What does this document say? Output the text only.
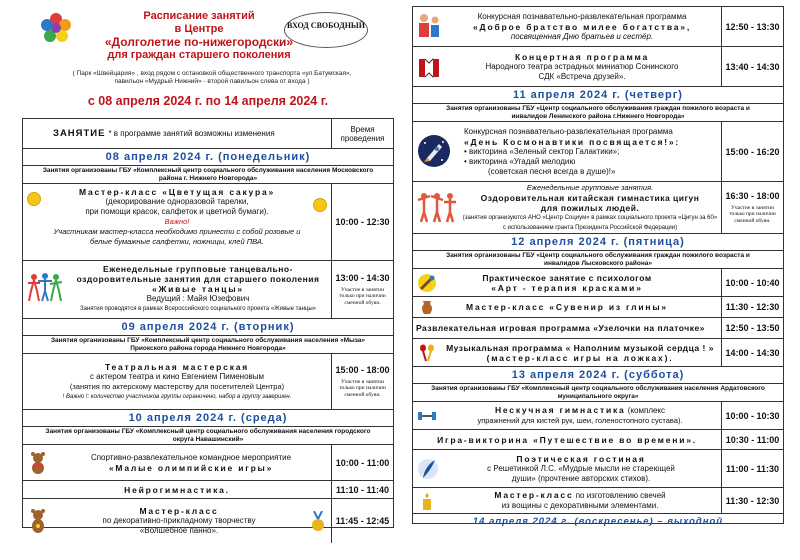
Расписание занятий
в Центре
«Долголетие по-нижегородски»
для граждан старшего поколения
ВХОД СВОБОДНЫЙ
( Парк «Швейцария» , вход рядом с остановкой общественного транспорта «ул.Батумская»,
павильон «Мудрый Нижний» - второй павильон слева от входа )
с 08 апреля 2024 г. по 14 апреля 2024 г.
ЗАНЯТИЕ * в программе занятий возможны изменения	Время проведения
08 апреля 2024 г. (понедельник)
Занятия организованы ГБУ «Комплексный центр социального обслуживания населения Московского района г. Нижнего Новгорода»
Мастер-класс «Цветущая сакура»
(декорирование одноразовой тарелки,
при помощи красок, салфеток и цветной бумаги).
Важно!
Участникам мастер-класса необходимо принести с собой розовые и белые бумажные салфетки, ножницы, клей ПВА.
10:00 - 12:30
Еженедельные групповые танцевально-
оздоровительные занятия для старшего поколения
«Живые танцы»
Ведущий : Майя Юзефович
Занятия проводятся в рамках Всероссийского социального проекта «Живые танцы»
13:00 - 14:30
Участие в занятии только при наличии сменной обуви.
09 апреля 2024 г. (вторник)
Занятия организованы ГБУ «Комплексный центр социального обслуживания населения «Мыза» Приокского района города Нижнего Новгорода»
Театральная мастерская
с актером театра и кино Евгением Пименовым
(занятия по актерскому мастерству для посетителей Центра)
! Важно !: количество участников группы ограничено, набор в группу завершен.
15:00 - 18:00
Участие в занятии только при наличии сменной обуви.
10 апреля 2024 г. (среда)
Занятия организованы ГБУ «Комплексный центр социального обслуживания населения городского округа Навашинский»
Спортивно-развлекательное командное мероприятие
«Малые олимпийские игры»	10:00 - 11:00
Нейрогимнастика.	11:10 - 11:40
Мастер-класс
по декоративно-прикладному творчеству
«Волшебное панно».
11:45 - 12:45
Конкурсная познавательно-развлекательная программа
«Доброе братство милее богатства»,
посвященная Дню братьев и сестёр.
12:50 - 13:30
Концертная программа
Народного театра эстрадных миниатюр Сонинского
СДК «Встреча друзей».
13:40 - 14:30
11 апреля 2024 г. (четверг)
Занятия организованы ГБУ «Центр социального обслуживания граждан пожилого возраста и инвалидов Ленинского района г.Нижнего Новгорода»
Конкурсная познавательно-развлекательная программа
«День Космонавтики посвящается!»:
• викторина «Зеленый сектор Галактики»;
• викторина «Угадай мелодию
(советская песня всегда в душе)!»
15:00 - 16:20
Еженедельные групповые занятия.
Оздоровительная китайская гимнастика цигун
для пожилых людей.
(занятия организуются АНО «Центр Социум» в рамках социального проекта «Цигун за 60» с использованием гранта Президента Российской Федерации)
16:30 - 18:00
Участие в занятии только при наличии сменной обуви.
12 апреля 2024 г. (пятница)
Занятия организованы ГБУ «Центр социального обслуживания граждан пожилого возраста и инвалидов Лысковского района»
Практическое занятие с психологом
«Арт - терапия красками»	10:00 - 10:40
Мастер-класс «Сувенир из глины»	11:30 - 12:30
Развлекательная игровая программа «Узелочки на платочке»	12:50 - 13:50
Музыкальная программа « Наполним музыкой сердца ! »
(мастер-класс игры на ложках).	14:00 - 14:30
13 апреля 2024 г. (суббота)
Занятия организованы ГБУ «Комплексный центр социального обслуживания населения Ардатовского муниципального округа»
Нескучная гимнастика (комплекс
упражнений для кистей рук, шеи, голеностопного сустава).	10:00 - 10:30
Игра-викторина «Путешествие во времени».	10:30 - 11:00
Поэтическая гостиная
с Решетинкой Л.С. «Мудрые мысли не стареющей
души» (прочтение авторских стихов).
11:00 - 11:30
Мастер-класс по изготовлению свечей
из вощины с декоративными элементами.	11:30 - 12:30
14 апреля 2024 г. (воскресенье) – выходной
